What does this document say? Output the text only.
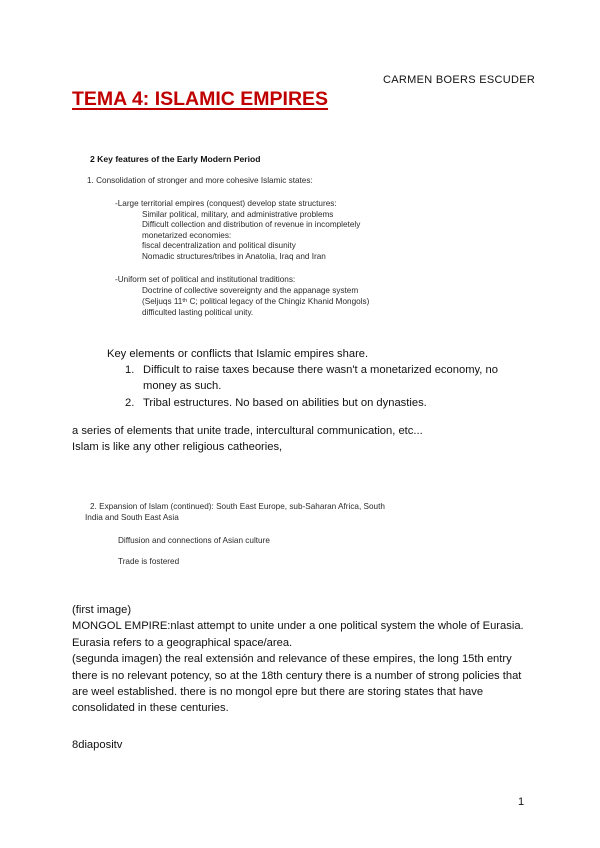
CARMEN BOERS ESCUDER
TEMA 4: ISLAMIC EMPIRES
2 Key features of the Early Modern Period
1. Consolidation of stronger and more cohesive Islamic states:
-Large territorial empires (conquest) develop state structures:
Similar political, military, and administrative problems
Difficult collection and distribution of revenue in incompletely
monetarized economies:
fiscal decentralization and political disunity
Nomadic structures/tribes in Anatolia, Iraq and Iran
-Uniform set of political and institutional traditions:
Doctrine of collective sovereignty and the appanage system
(Seljuqs 11ᵗʰ C; political legacy of the Chingiz Khanid Mongols)
difficulted lasting political unity.
Key elements or conflicts that Islamic empires share.
1. Difficult to raise taxes because there wasn't a monetarized economy, no
money as such.
2. Tribal estructures. No based on abilities but on dynasties.
a series of elements that unite trade, intercultural communication, etc...
Islam is like any other religious catheories,
2. Expansion of Islam (continued): South East Europe, sub-Saharan Africa, South
India and South East Asia
Diffusion and connections of Asian culture
Trade is fostered
(first image)
MONGOL EMPIRE:nlast attempt to unite under a one political system the whole of Eurasia.
Eurasia refers to a geographical space/area.
(segunda imagen) the real extensión and relevance of these empires, the long 15th entry
there is no relevant potency, so at the 18th century there is a number of strong policies that
are weel established. there is no mongol epre but there are storing states that have
consolidated in these centuries.
8diapositv
1
